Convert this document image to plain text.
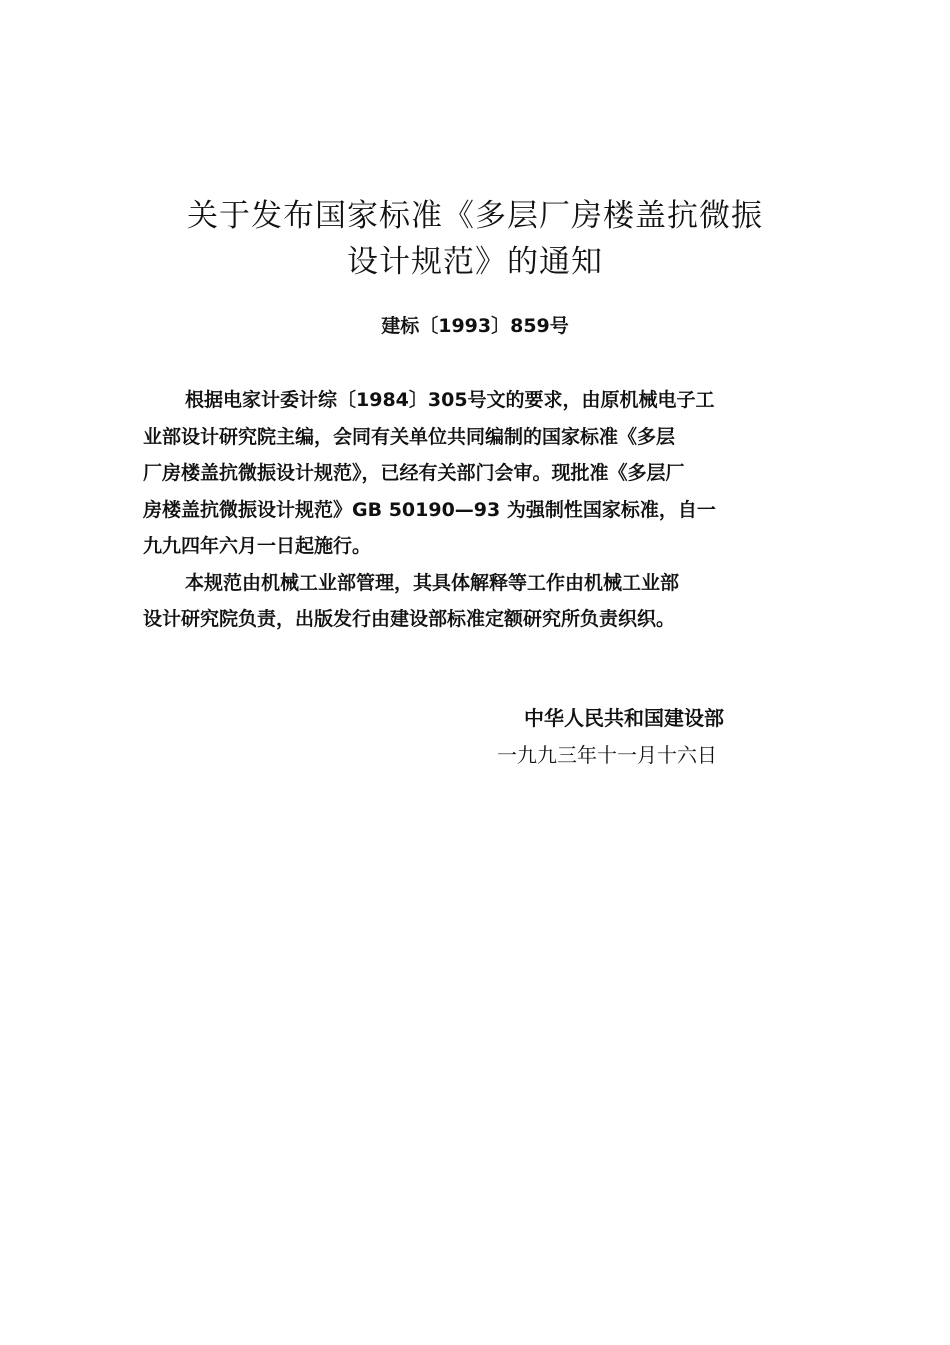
关于发布国家标准《多层厂房楼盖抗微振
设计规范》的通知
建标〔1993〕859号
根据电家计委计综〔1984〕305号文的要求，由原机械电子工
业部设计研究院主编，会同有关单位共同编制的国家标准《多层
厂房楼盖抗微振设计规范》，已经有关部门会审。现批准《多层厂
房楼盖抗微振设计规范》GB 50190—93 为强制性国家标准，自一
九九四年六月一日起施行。
本规范由机械工业部管理，其具体解释等工作由机械工业部
设计研究院负责，出版发行由建设部标准定额研究所负责织织。
中华人民共和国建设部
一九九三年十一月十六日
